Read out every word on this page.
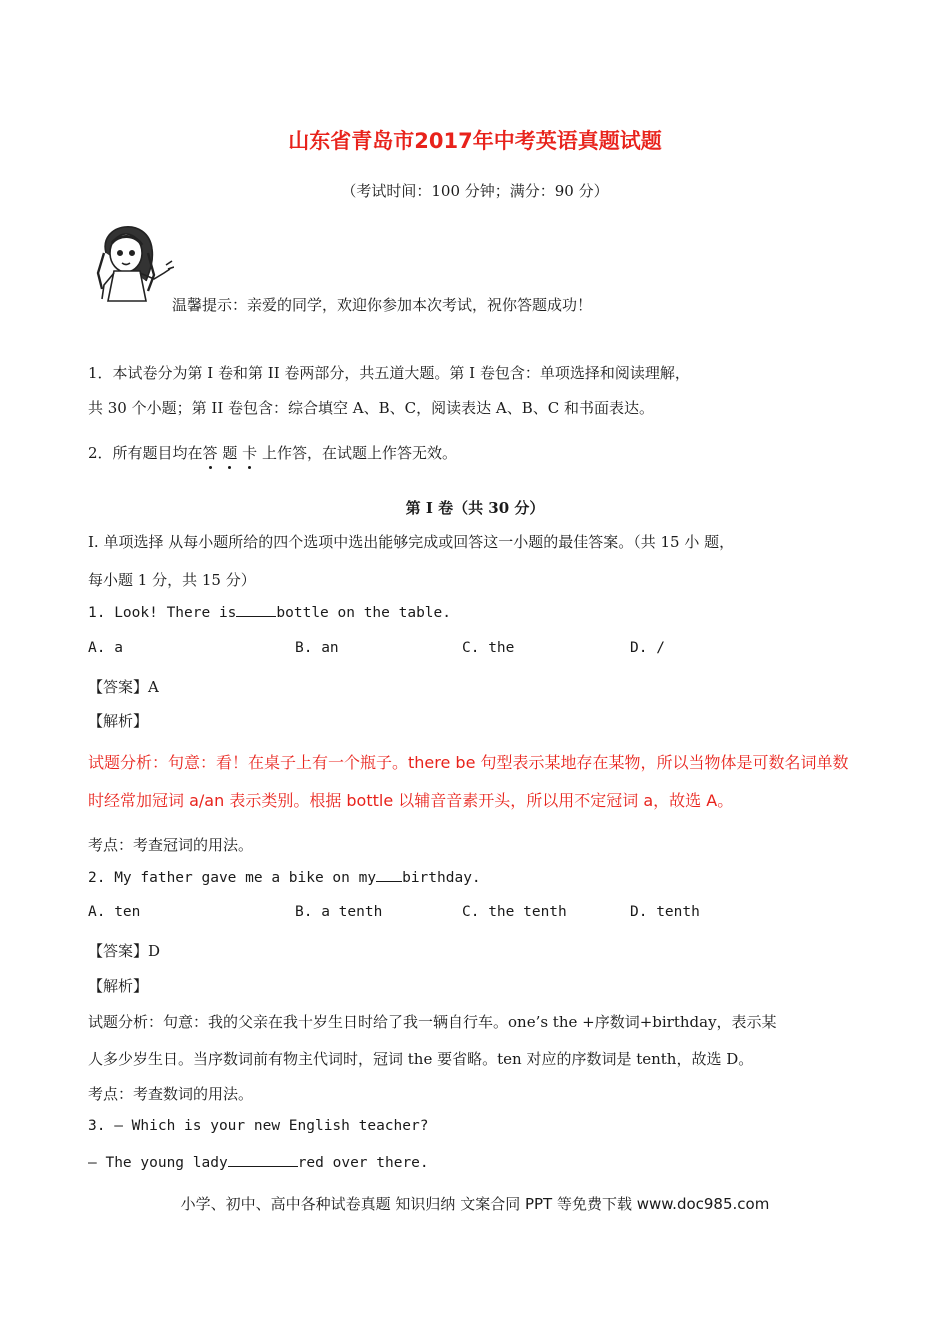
山东省青岛市2017年中考英语真题试题
（考试时间：100 分钟；满分：90 分）
温馨提示：亲爱的同学，欢迎你参加本次考试，祝你答题成功！
1．本试卷分为第 I 卷和第 II 卷两部分，共五道大题。第 I 卷包含：单项选择和阅读理解，
共 30 个小题；第 II 卷包含：综合填空 A、B、C，阅读表达 A、B、C 和书面表达。
2．所有题目均在答 题 卡 上作答，在试题上作答无效。
第 I 卷（共 30 分）
I. 单项选择 从每小题所给的四个选项中选出能够完成或回答这一小题的最佳答案。（共 15 小 题，
每小题 1 分，共 15 分）
1. Look! There is	bottle on the table.
A. a	B. an	C. the	D. /
【答案】A
【解析】
试题分析：句意：看！在桌子上有一个瓶子。there be 句型表示某地存在某物，所以当物体是可数名词单数
时经常加冠词 a/an 表示类别。根据 bottle 以辅音音素开头，所以用不定冠词 a，故选 A。
考点：考查冠词的用法。
2. My father gave me a bike on my birthday.
A. ten	B. a tenth	C. the tenth	D. tenth
【答案】D
【解析】
试题分析：句意：我的父亲在我十岁生日时给了我一辆自行车。one’s the +序数词+birthday，表示某
人多少岁生日。当序数词前有物主代词时，冠词 the 要省略。ten 对应的序数词是 tenth，故选 D。
考点：考查数词的用法。
3. — Which is your new English teacher?
— The young lady	red over there.
小学、初中、高中各种试卷真题 知识归纳 文案合同 PPT 等免费下载 www.doc985.com
